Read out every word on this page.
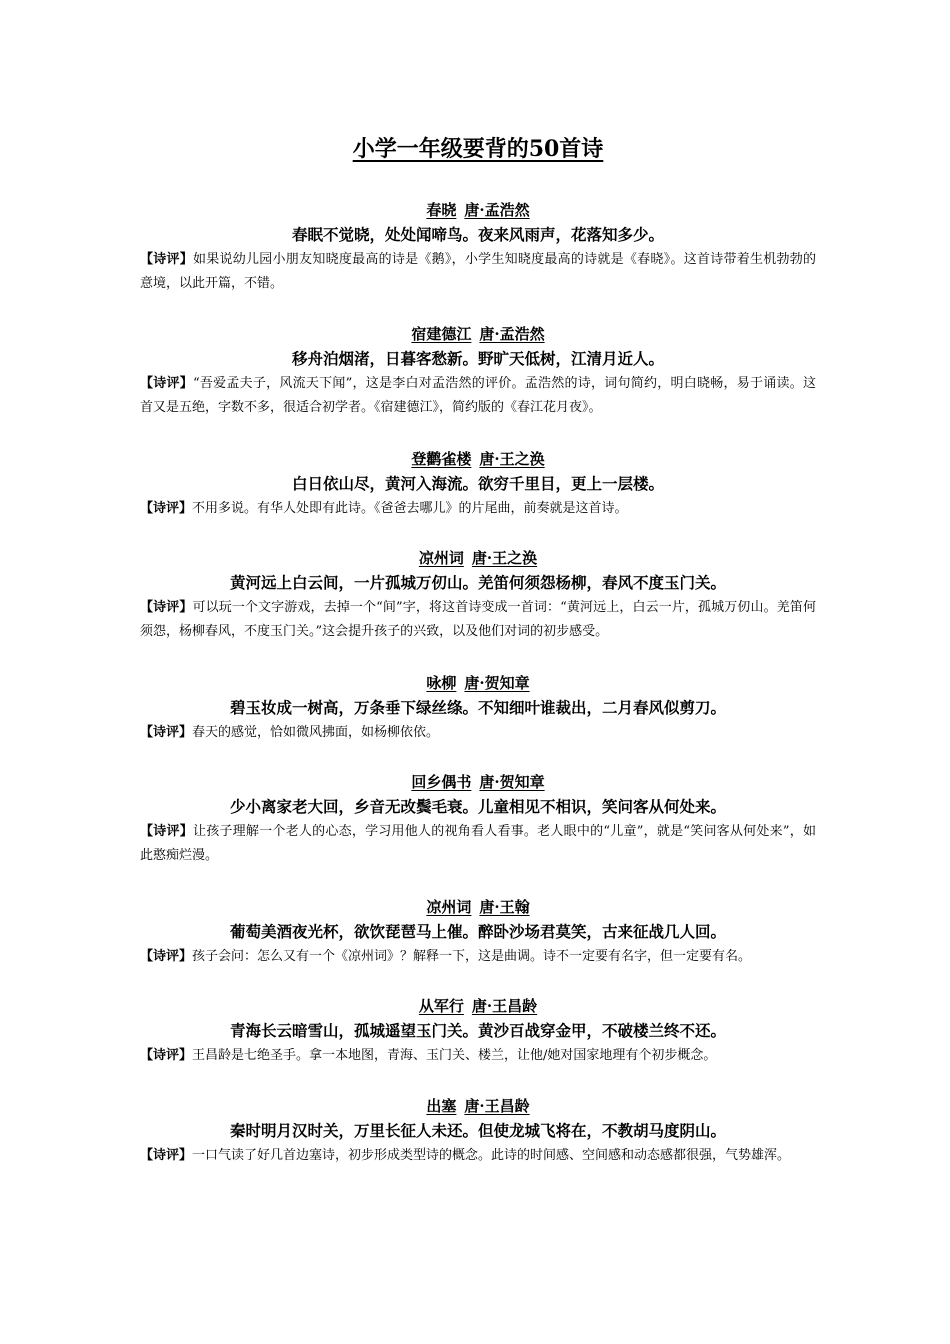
小学一年级要背的50首诗
春晓 唐·孟浩然
春眠不觉晓，处处闻啼鸟。夜来风雨声，花落知多少。
【诗评】如果说幼儿园小朋友知晓度最高的诗是《鹅》，小学生知晓度最高的诗就是《春晓》。这首诗带着生机勃勃的意境，以此开篇，不错。
宿建德江 唐·孟浩然
移舟泊烟渚，日暮客愁新。野旷天低树，江清月近人。
【诗评】“吾爱孟夫子，风流天下闻”，这是李白对孟浩然的评价。孟浩然的诗，词句简约，明白晓畅，易于诵读。这首又是五绝，字数不多，很适合初学者。《宿建德江》，简约版的《春江花月夜》。
登鹳雀楼 唐·王之涣
白日依山尽，黄河入海流。欲穷千里目，更上一层楼。
【诗评】不用多说。有华人处即有此诗。《爸爸去哪儿》的片尾曲，前奏就是这首诗。
凉州词 唐·王之涣
黄河远上白云间，一片孤城万仞山。羌笛何须怨杨柳，春风不度玉门关。
【诗评】可以玩一个文字游戏，去掉一个“间”字，将这首诗变成一首词：“黄河远上，白云一片，孤城万仞山。羌笛何须怨，杨柳春风，不度玉门关。”这会提升孩子的兴致，以及他们对词的初步感受。
咏柳 唐·贺知章
碧玉妆成一树高，万条垂下绿丝绦。不知细叶谁裁出，二月春风似剪刀。
【诗评】春天的感觉，恰如微风拂面，如杨柳依依。
回乡偶书 唐·贺知章
少小离家老大回，乡音无改鬓毛衰。儿童相见不相识，笑问客从何处来。
【诗评】让孩子理解一个老人的心态，学习用他人的视角看人看事。老人眼中的“儿童”，就是“笑问客从何处来”，如此憨痴烂漫。
凉州词 唐·王翰
葡萄美酒夜光杯，欲饮琵琶马上催。醉卧沙场君莫笑，古来征战几人回。
【诗评】孩子会问：怎么又有一个《凉州词》？解释一下，这是曲调。诗不一定要有名字，但一定要有名。
从军行 唐·王昌龄
青海长云暗雪山，孤城遥望玉门关。黄沙百战穿金甲，不破楼兰终不还。
【诗评】王昌龄是七绝圣手。拿一本地图，青海、玉门关、楼兰，让他/她对国家地理有个初步概念。
出塞 唐·王昌龄
秦时明月汉时关，万里长征人未还。但使龙城飞将在，不教胡马度阴山。
【诗评】一口气读了好几首边塞诗，初步形成类型诗的概念。此诗的时间感、空间感和动态感都很强，气势雄浑。
